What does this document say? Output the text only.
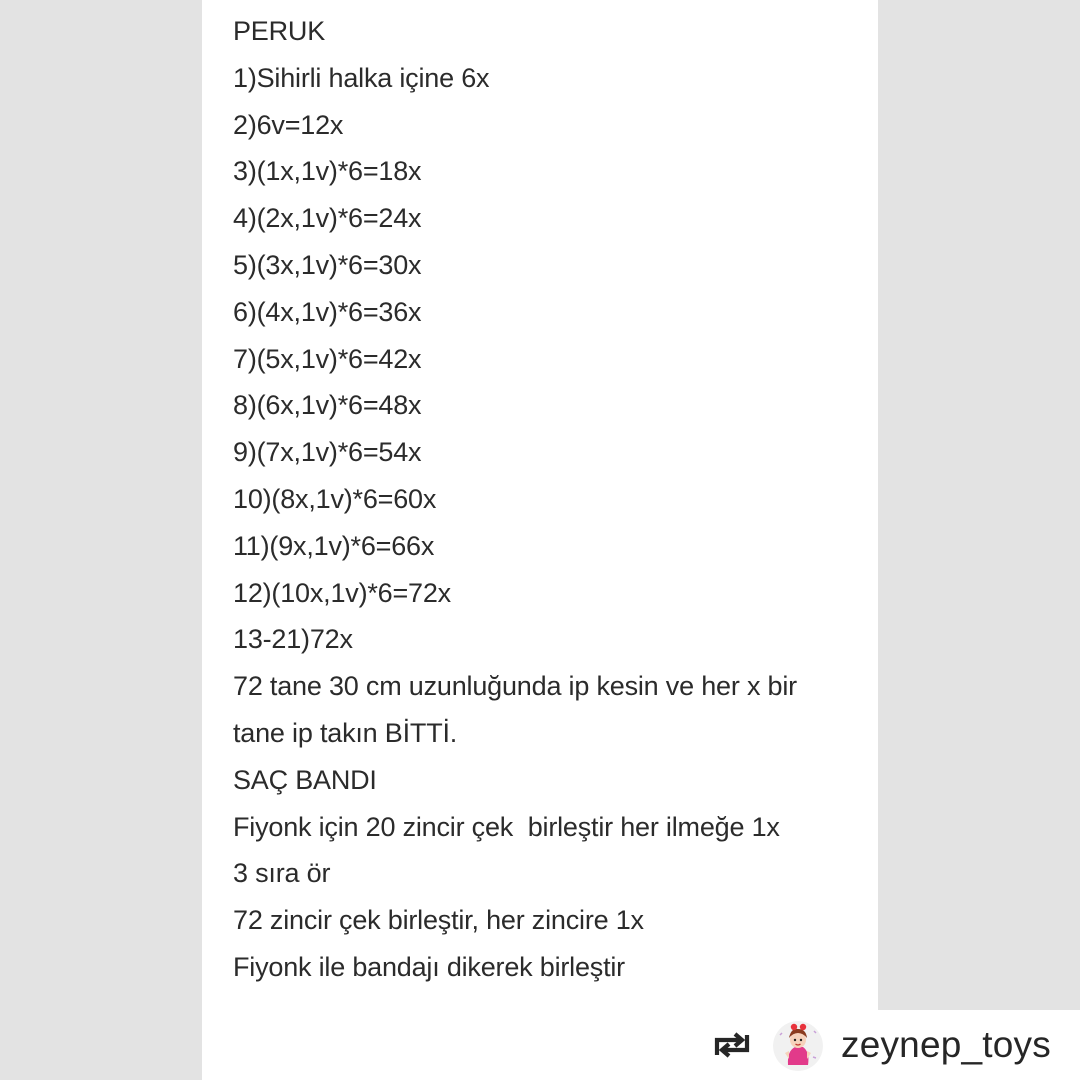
PERUK
1)Sihirli halka içine 6x
2)6v=12x
3)(1x,1v)*6=18x
4)(2x,1v)*6=24x
5)(3x,1v)*6=30x
6)(4x,1v)*6=36x
7)(5x,1v)*6=42x
8)(6x,1v)*6=48x
9)(7x,1v)*6=54x
10)(8x,1v)*6=60x
11)(9x,1v)*6=66x
12)(10x,1v)*6=72x
13-21)72x
72 tane 30 cm uzunluğunda ip kesin ve her x bir
tane ip takın BİTTİ.
SAÇ BANDI
Fiyonk için 20 zincir çek  birleştir her ilmeğe 1x
3 sıra ör
72 zincir çek birleştir, her zincire 1x
Fiyonk ile bandajı dikerek birleştir
zeynep_toys
